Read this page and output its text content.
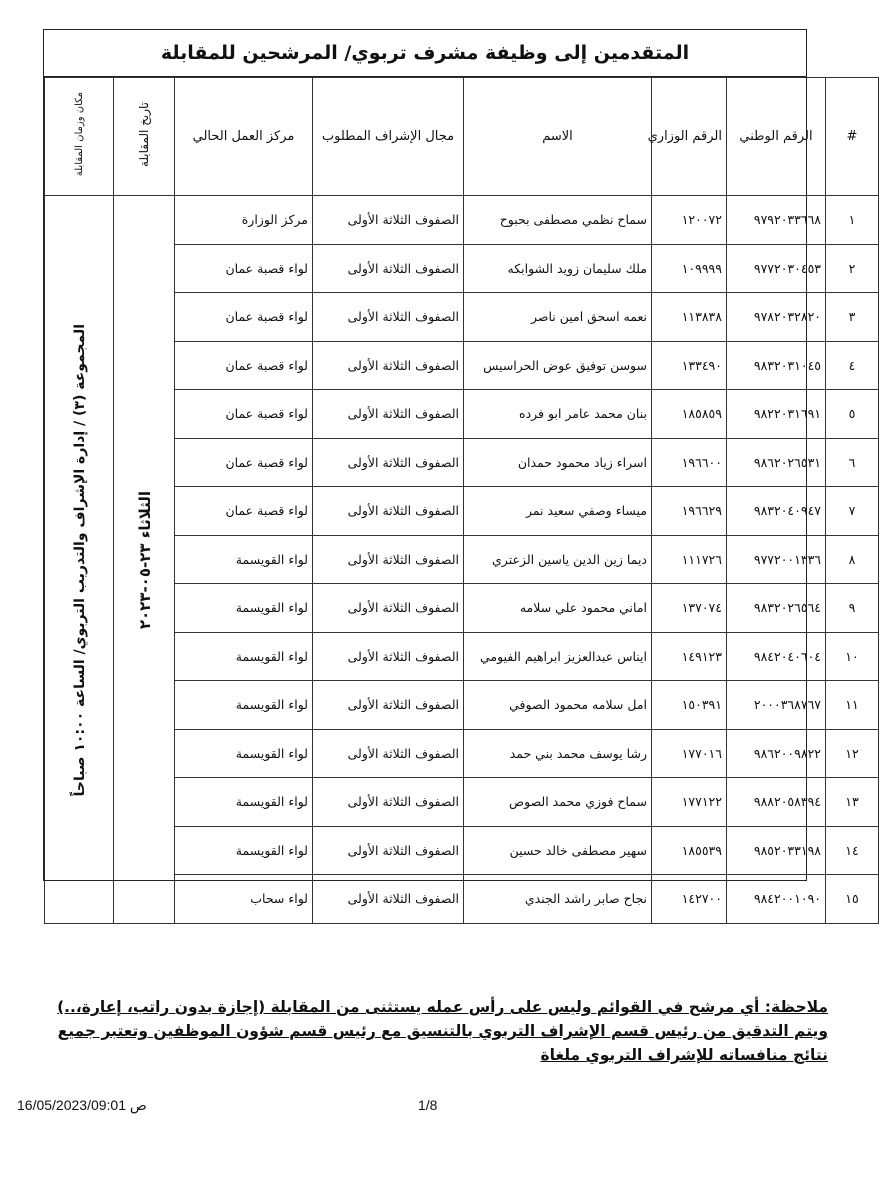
المتقدمين إلى وظيفة مشرف تربوي/ المرشحين للمقابلة
#	الرقم الوطني	الرقم الوزاري	الاسم	مجال الإشراف المطلوب	مركز العمل الحالي	تاريخ المقابلة	مكان وزمان المقابلة
١	٩٧٩٢٠٣٣٦٦٨	١٢٠٠٧٢	سماح نظمي مصطفى بحبوح	الصفوف الثلاثة الأولى	مركز الوزارة		
٢	٩٧٧٢٠٣٠٤٥٣	١٠٩٩٩٩	ملك سليمان زويد الشوابكه	الصفوف الثلاثة الأولى	لواء قصبة عمان		
٣	٩٧٨٢٠٣٢٨٢٠	١١٣٨٣٨	نعمه اسحق امين ناصر	الصفوف الثلاثة الأولى	لواء قصبة عمان		
٤	٩٨٣٢٠٣١٠٤٥	١٣٣٤٩٠	سوسن توفيق عوض الحراسيس	الصفوف الثلاثة الأولى	لواء قصبة عمان		
٥	٩٨٢٢٠٣١٦٩١	١٨٥٨٥٩	بنان محمد عامر ابو فرده	الصفوف الثلاثة الأولى	لواء قصبة عمان		
٦	٩٨٦٢٠٢٦٥٣١	١٩٦٦٠٠	اسراء زياد محمود حمدان	الصفوف الثلاثة الأولى	لواء قصبة عمان		
٧	٩٨٣٢٠٤٠٩٤٧	١٩٦٦٢٩	ميساء وصفي سعيد نمر	الصفوف الثلاثة الأولى	لواء قصبة عمان		
٨	٩٧٧٢٠٠١٣٣٦	١١١٧٢٦	ديما زين الدين ياسين الزعتري	الصفوف الثلاثة الأولى	لواء القويسمة		
٩	٩٨٣٢٠٢٦٥٦٤	١٣٧٠٧٤	اماني محمود علي سلامه	الصفوف الثلاثة الأولى	لواء القويسمة		
١٠	٩٨٤٢٠٤٠٦٠٤	١٤٩١٢٣	ايناس عبدالعزيز ابراهيم الفيومي	الصفوف الثلاثة الأولى	لواء القويسمة		
١١	٢٠٠٠٣٦٨٧٦٧	١٥٠٣٩١	امل سلامه محمود الصوفي	الصفوف الثلاثة الأولى	لواء القويسمة		
١٢	٩٨٦٢٠٠٩٨٢٢	١٧٧٠١٦	رشا يوسف محمد بني حمد	الصفوف الثلاثة الأولى	لواء القويسمة		
١٣	٩٨٨٢٠٥٨٣٩٤	١٧٧١٢٢	سماح فوزي محمد الصوص	الصفوف الثلاثة الأولى	لواء القويسمة		
١٤	٩٨٥٢٠٣٣١٩٨	١٨٥٥٣٩	سهير مصطفى خالد حسين	الصفوف الثلاثة الأولى	لواء القويسمة		
١٥	٩٨٤٢٠٠١٠٩٠	١٤٢٧٠٠	نجاح صابر راشد الجندي	الصفوف الثلاثة الأولى	لواء سحاب		
الثلاثاء ٢٣-٠٥-٢٠٢٣
المجموعة (٣) / إدارة الإشراف والتدريب التربوي/ الساعة ١٠:٠٠ صباحاً
ملاحظة: أي مرشح في القوائم وليس على رأس عمله يستثنى من المقابلة (إجازة بدون راتب، إعارة،..) ويتم التدقيق من رئيس قسم الإشراف التربوي بالتنسيق مع رئيس قسم شؤون الموظفين وتعتبر جميع نتائج منافساته للإشراف التربوي ملغاة
16/05/2023/09:01 ص	1/8
